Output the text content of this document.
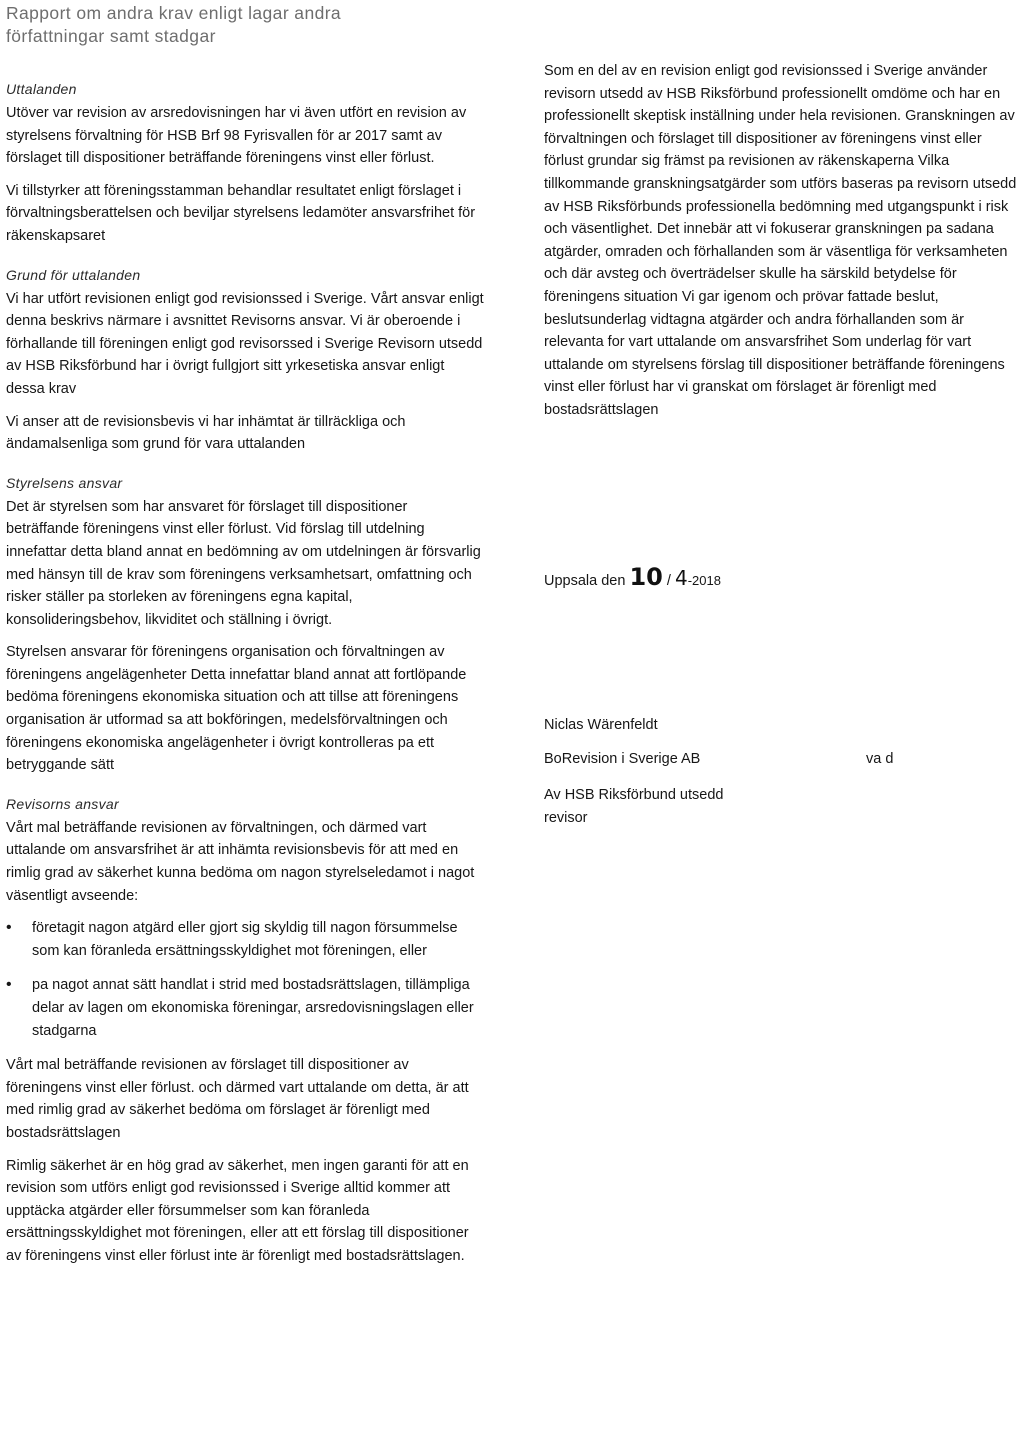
Rapport om andra krav enligt lagar andra
författningar samt stadgar
Uttalanden

Utöver var revision av arsredovisningen har vi även utfört en revision av styrelsens förvaltning för HSB Brf 98 Fyrisvallen för ar 2017 samt av förslaget till dispositioner beträffande föreningens vinst eller förlust.

Vi tillstyrker att föreningsstamman behandlar resultatet enligt förslaget i förvaltningsberattelsen och beviljar styrelsens ledamöter ansvarsfrihet för räkenskapsaret

Grund för uttalanden

Vi har utfört revisionen enligt god revisionssed i Sverige. Vårt ansvar enligt denna beskrivs närmare i avsnittet Revisorns ansvar. Vi är oberoende i förhallande till föreningen enligt god revisorssed i Sverige Revisorn utsedd av HSB Riksförbund har i övrigt fullgjort sitt yrkesetiska ansvar enligt dessa krav

Vi anser att de revisionsbevis vi har inhämtat är tillräckliga och ändamalsenliga som grund för vara uttalanden

Styrelsens ansvar

Det är styrelsen som har ansvaret för förslaget till dispositioner beträffande föreningens vinst eller förlust. Vid förslag till utdelning innefattar detta bland annat en bedömning av om utdelningen är försvarlig med hänsyn till de krav som föreningens verksamhetsart, omfattning och risker ställer pa storleken av föreningens egna kapital, konsolideringsbehov, likviditet och ställning i övrigt.

Styrelsen ansvarar för föreningens organisation och förvaltningen av föreningens angelägenheter Detta innefattar bland annat att fortlöpande bedöma föreningens ekonomiska situation och att tillse att föreningens organisation är utformad sa att bokföringen, medelsförvaltningen och föreningens ekonomiska angelägenheter i övrigt kontrolleras pa ett betryggande sätt

Revisorns ansvar

Vårt mal beträffande revisionen av förvaltningen, och därmed vart uttalande om ansvarsfrihet är att inhämta revisionsbevis för att med en rimlig grad av säkerhet kunna bedöma om nagon styrelseledamot i nagot väsentligt avseende:

• företagit nagon atgärd eller gjort sig skyldig till nagon försummelse som kan föranleda ersättningsskyldighet mot föreningen, eller
• pa nagot annat sätt handlat i strid med bostadsrättslagen, tillämpliga delar av lagen om ekonomiska föreningar, arsredovisningslagen eller stadgarna

Vårt mal beträffande revisionen av förslaget till dispositioner av föreningens vinst eller förlust. och därmed vart uttalande om detta, är att med rimlig grad av säkerhet bedöma om förslaget är förenligt med bostadsrättslagen

Rimlig säkerhet är en hög grad av säkerhet, men ingen garanti för att en revision som utförs enligt god revisionssed i Sverige alltid kommer att upptäcka atgärder eller försummelser som kan föranleda ersättningsskyldighet mot föreningen, eller att ett förslag till dispositioner av föreningens vinst eller förlust inte är förenligt med bostadsrättslagen.

Som en del av en revision enligt god revisionssed i Sverige använder revisorn utsedd av HSB Riksförbund professionellt omdöme och har en professionellt skeptisk inställning under hela revisionen. Granskningen av förvaltningen och förslaget till dispositioner av föreningens vinst eller förlust grundar sig främst pa revisionen av räkenskaperna Vilka tillkommande granskningsatgärder som utförs baseras pa revisorn utsedd av HSB Riksförbunds professionella bedömning med utgangspunkt i risk och väsentlighet. Det innebär att vi fokuserar granskningen pa sadana atgärder, omraden och förhallanden som är väsentliga för verksamheten och där avsteg och överträdelser skulle ha särskild betydelse för föreningens situation Vi gar igenom och prövar fattade beslut, beslutsunderlag vidtagna atgärder och andra förhallanden som är relevanta for vart uttalande om ansvarsfrihet Som underlag för vart uttalande om styrelsens förslag till dispositioner beträffande föreningens vinst eller förlust har vi granskat om förslaget är förenligt med bostadsrättslagen

Uppsala den 10 / 4-2018
Niclas Wärenfeldt
BoRevision i Sverige AB	va d
Av HSB Riksförbund utsedd revisor
